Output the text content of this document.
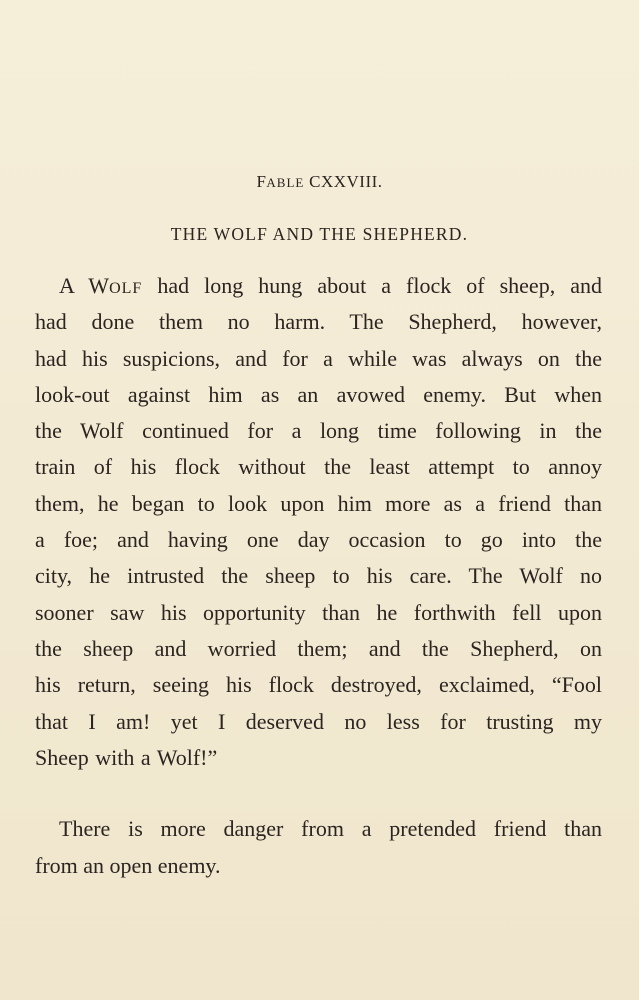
FABLE CXXVIII.
THE WOLF AND THE SHEPHERD.
A WOLF had long hung about a flock of sheep, and
had done them no harm. The Shepherd, however,
had his suspicions, and for a while was always on the
look-out against him as an avowed enemy. But when
the Wolf continued for a long time following in the
train of his flock without the least attempt to annoy
them, he began to look upon him more as a friend than
a foe; and having one day occasion to go into the
city, he intrusted the sheep to his care. The Wolf no
sooner saw his opportunity than he forthwith fell upon
the sheep and worried them; and the Shepherd, on
his return, seeing his flock destroyed, exclaimed, “Fool
that I am! yet I deserved no less for trusting my
Sheep with a Wolf!”
There is more danger from a pretended friend than
from an open enemy.
